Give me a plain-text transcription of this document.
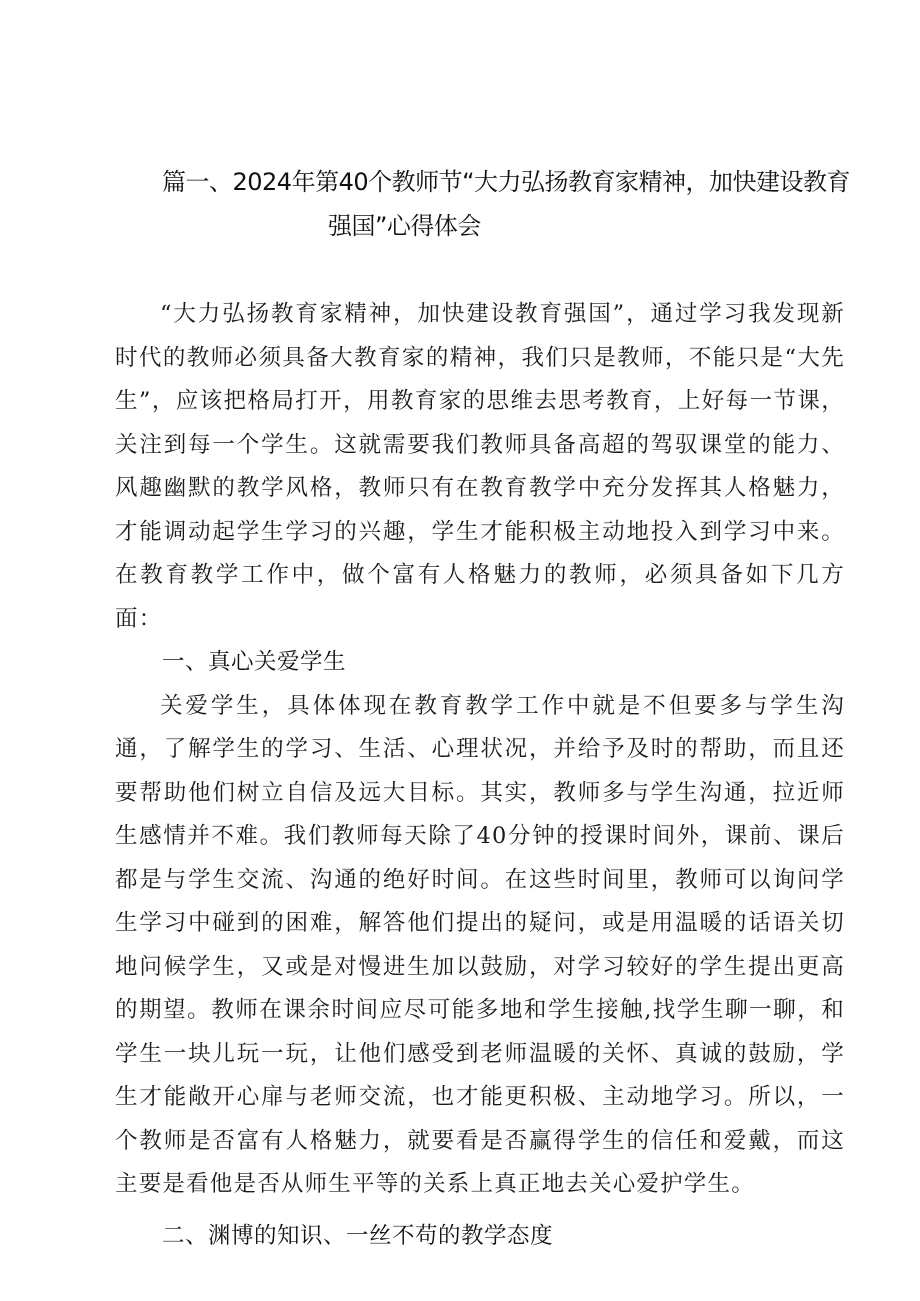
篇一、2024年第40个教师节“大力弘扬教育家精神，加快建设教育
强国”心得体会

“大力弘扬教育家精神，加快建设教育强国”，通过学习我发现新时代的教师必须具备大教育家的精神，我们只是教师，不能只是“大先生”，应该把格局打开，用教育家的思维去思考教育，上好每一节课，关注到每一个学生。这就需要我们教师具备高超的驾驭课堂的能力、风趣幽默的教学风格，教师只有在教育教学中充分发挥其人格魅力，才能调动起学生学习的兴趣，学生才能积极主动地投入到学习中来。在教育教学工作中，做个富有人格魅力的教师，必须具备如下几方面：

一、真心关爱学生

关爱学生，具体体现在教育教学工作中就是不但要多与学生沟通，了解学生的学习、生活、心理状况，并给予及时的帮助，而且还要帮助他们树立自信及远大目标。其实，教师多与学生沟通，拉近师生感情并不难。我们教师每天除了40分钟的授课时间外，课前、课后都是与学生交流、沟通的绝好时间。在这些时间里，教师可以询问学生学习中碰到的困难，解答他们提出的疑问，或是用温暖的话语关切地问候学生，又或是对慢进生加以鼓励，对学习较好的学生提出更高的期望。教师在课余时间应尽可能多地和学生接触,找学生聊一聊，和学生一块儿玩一玩，让他们感受到老师温暖的关怀、真诚的鼓励，学生才能敞开心扉与老师交流，也才能更积极、主动地学习。所以，一个教师是否富有人格魅力，就要看是否赢得学生的信任和爱戴，而这主要是看他是否从师生平等的关系上真正地去关心爱护学生。

二、渊博的知识、一丝不苟的教学态度
